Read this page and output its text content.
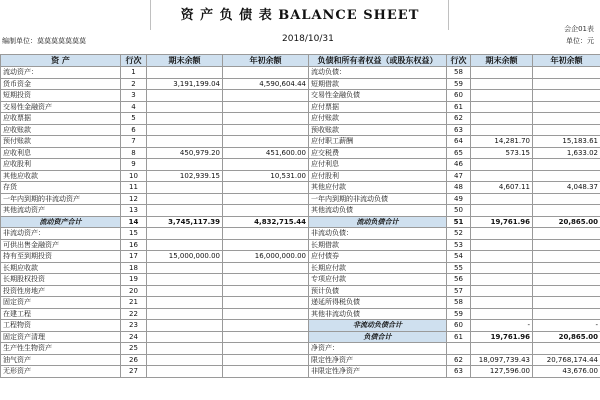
资 产 负 债 表 BALANCE SHEET
会企01表
编制单位：莫莫莫莫莫莫莫	2018/10/31	单位：元
资 产	行次	期末余额	年初余额	负债和所有者权益（或股东权益）	行次	期末余额	年初余额
流动资产：	1			流动负债：	58		
货币资金	2	3,191,199.04	4,590,604.44	短期借款	59		
短期投资	3			交易性金融负债	60		
交易性金融资产	4			应付票据	61		
应收票据	5			应付账款	62		
应收账款	6			预收账款	63		
预付账款	7			应付职工薪酬	64	14,281.70	15,183.61
应收利息	8	450,979.20	451,600.00	应交税费	65	573.15	1,633.02
应收股利	9			应付利息	46		
其他应收款	10	102,939.15	10,531.00	应付股利	47		
存货	11			其他应付款	48	4,607.11	4,048.37
一年内到期的非流动资产	12			一年内到期的非流动负债	49		
其他流动资产	13			其他流动负债	50		
流动资产合计	14	3,745,117.39	4,832,715.44	流动负债合计	51	19,761.96	20,865.00
非流动资产：	15			非流动负债：	52		
可供出售金融资产	16			长期借款	53		
持有至到期投资	17	15,000,000.00	16,000,000.00	应付债券	54		
长期应收款	18			长期应付款	55		
长期股权投资	19			专项应付款	56		
投资性房地产	20			预计负债	57		
固定资产	21			递延所得税负债	58		
在建工程	22			其他非流动负债	59		
工程物资	23			非流动负债合计	60	-	-
固定资产清理	24			负债合计	61	19,761.96	20,865.00
生产性生物资产	25			净资产：			
油气资产	26			限定性净资产	62	18,097,739.43	20,768,174.44
无形资产	27			非限定性净资产	63	127,596.00	43,676.00
